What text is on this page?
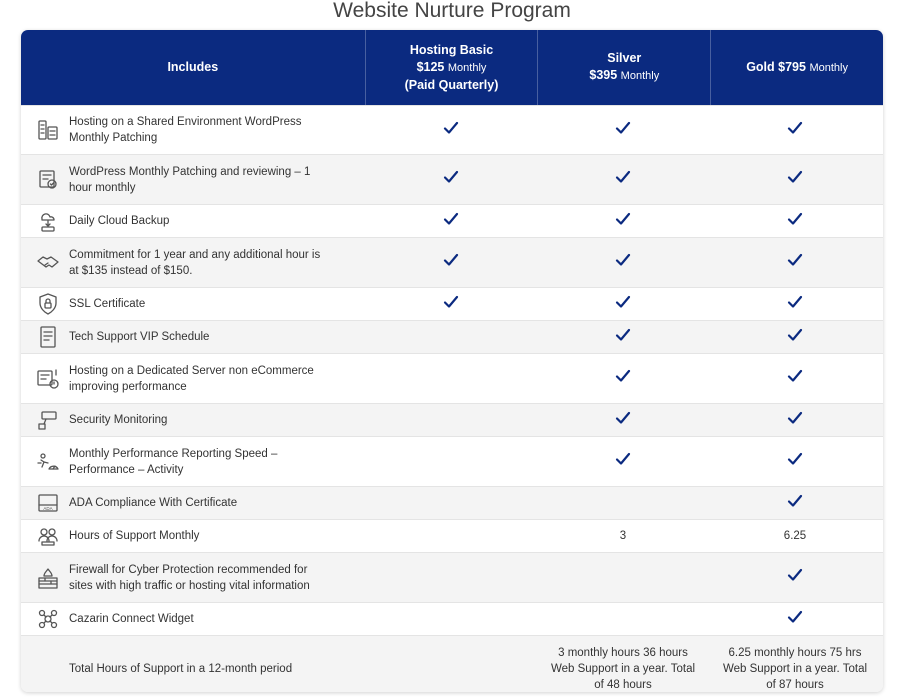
Website Nurture Program
Includes
Hosting Basic
$125 Monthly
(Paid Quarterly)
Silver
$395 Monthly
Gold $795 Monthly
Hosting on a Shared Environment WordPress Monthly Patching
WordPress Monthly Patching and reviewing – 1 hour monthly
Daily Cloud Backup
Commitment for 1 year and any additional hour is at $135 instead of $150.
SSL Certificate
Tech Support VIP Schedule
Hosting on a Dedicated Server non eCommerce improving performance
Security Monitoring
Monthly Performance Reporting Speed – Performance – Activity
ADA ADA Compliance With Certificate
Hours of Support Monthly	3	6.25
Firewall for Cyber Protection recommended for sites with high traffic or hosting vital information
Cazarin Connect Widget
Total Hours of Support in a 12-month period
3 monthly hours 36 hours Web Support in a year. Total of 48 hours
6.25 monthly hours 75 hrs Web Support in a year. Total of 87 hours
